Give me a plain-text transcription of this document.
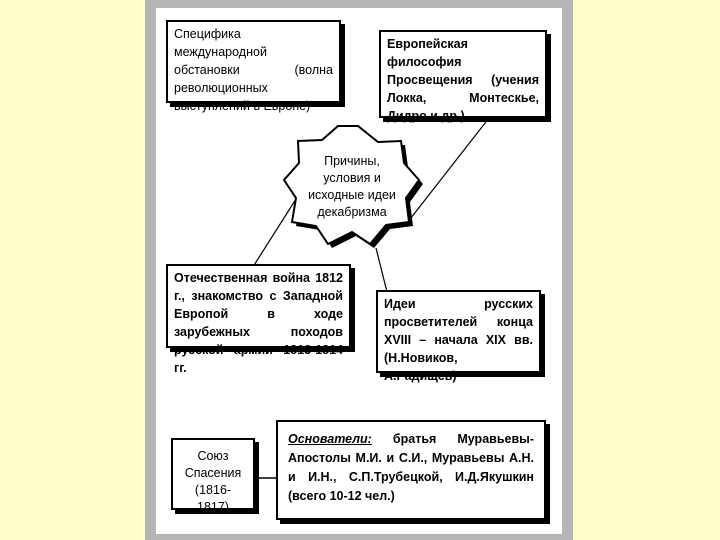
Причины, условия и исходные идеи декабризма
Специфика международной обстановки (волна революционных выступлений в Европе)
Европейская философия Просвещения (учения Локка, Монтескье, Дидро и др.)
Отечественная война 1812 г., знакомство с Западной Европой в ходе зарубежных походов русской армии 1813-1814 гг.
Идеи русских просветителей конца XVIII – начала XIX вв. (Н.Новиков, А.Радищев)
Союз Спасения (1816-1817)
Основатели: братья Муравьевы-Апостолы М.И. и С.И., Муравьевы А.Н. и И.Н., С.П.Трубецкой, И.Д.Якушкин (всего 10-12 чел.)
